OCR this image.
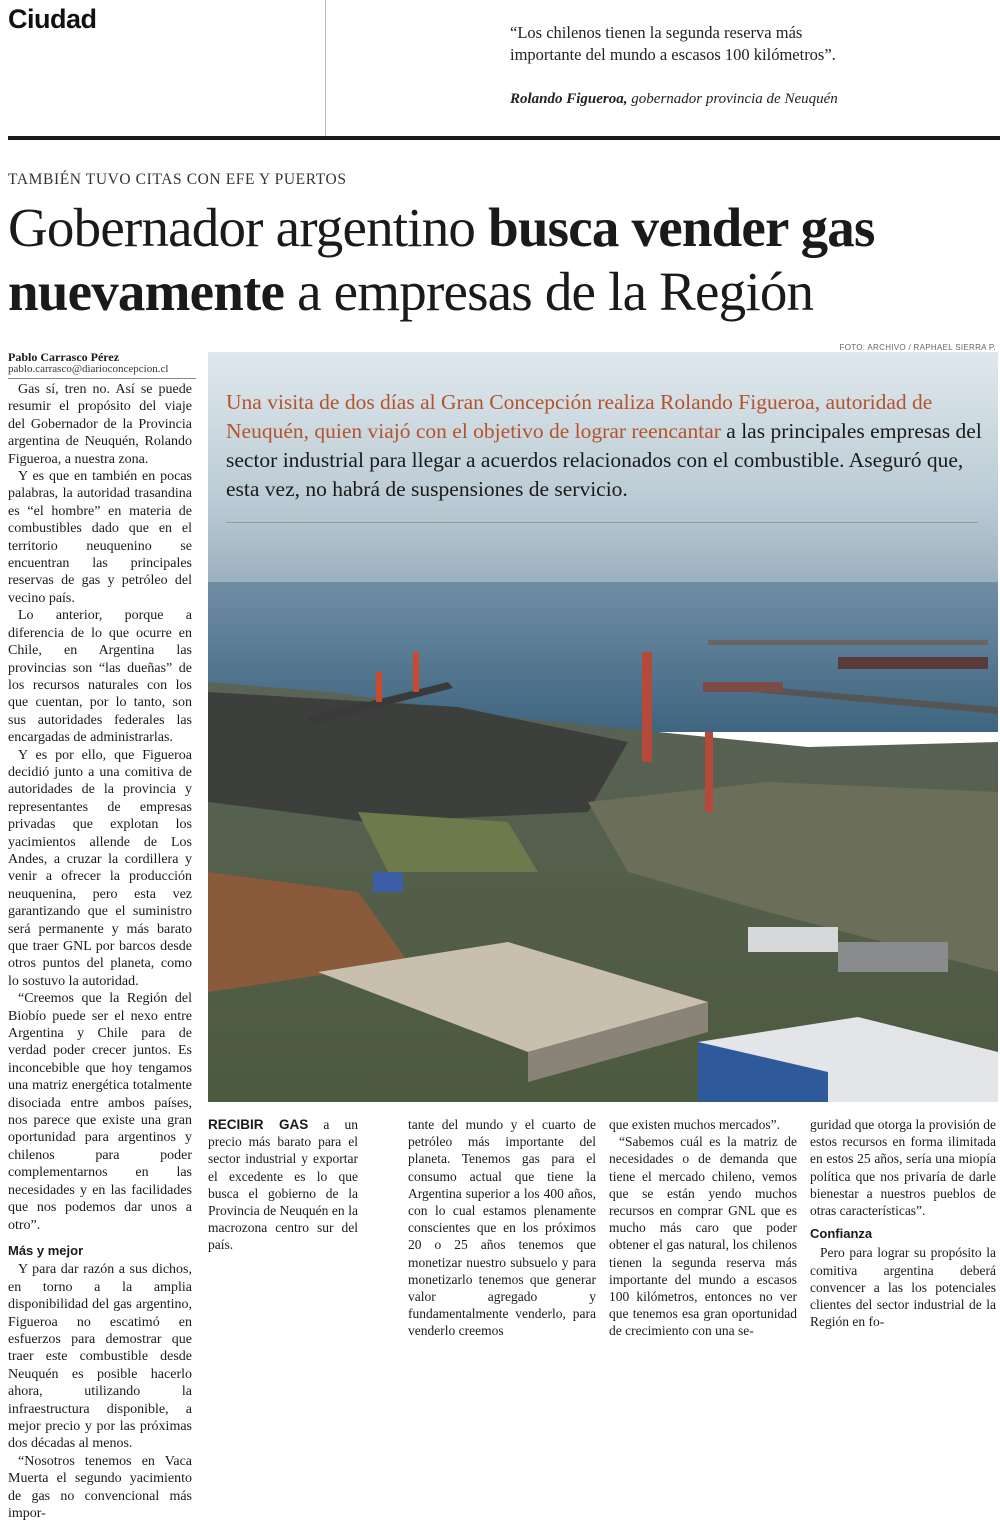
Ciudad	“Los chilenos tienen la segunda reserva más importante del mundo a escasos 100 kilómetros”.
Rolando Figueroa, gobernador provincia de Neuquén
TAMBIÉN TUVO CITAS CON EFE Y PUERTOS
Gobernador argentino busca vender gas nuevamente a empresas de la Región
Pablo Carrasco Pérez
pablo.carrasco@diarioconcepcion.cl

Gas sí, tren no. Así se puede resumir el propósito del viaje del Gobernador de la Provincia argentina de Neuquén, Rolando Figueroa, a nuestra zona.

Y es que en también en pocas palabras, la autoridad trasandina es “el hombre” en materia de combustibles dado que en el territorio neuquenino se encuentran las principales reservas de gas y petróleo del vecino país.

Lo anterior, porque a diferencia de lo que ocurre en Chile, en Argentina las provincias son “las dueñas” de los recursos naturales con los que cuentan, por lo tanto, son sus autoridades federales las encargadas de administrarlas.

Y es por ello, que Figueroa decidió junto a una comitiva de autoridades de la provincia y representantes de empresas privadas que explotan los yacimientos allende de Los Andes, a cruzar la cordillera y venir a ofrecer la producción neuquenina, pero esta vez garantizando que el suministro será permanente y más barato que traer GNL por barcos desde otros puntos del planeta, como lo sostuvo la autoridad.

“Creemos que la Región del Biobío puede ser el nexo entre Argentina y Chile para de verdad poder crecer juntos. Es inconcebible que hoy tengamos una matriz energética totalmente disociada entre ambos países, nos parece que existe una gran oportunidad para argentinos y chilenos para poder complementarnos en las necesidades y en las facilidades que nos podemos dar unos a otro”.

Más y mejor

Y para dar razón a sus dichos, en torno a la amplia disponibilidad del gas argentino, Figueroa no escatimó en esfuerzos para demostrar que traer este combustible desde Neuquén es posible hacerlo ahora, utilizando la infraestructura disponible, a mejor precio y por las próximas dos décadas al menos.

“Nosotros tenemos en Vaca Muerta el segundo yacimiento de gas no convencional más impor-

FOTO: ARCHIVO / RAPHAEL SIERRA P.
Una visita de dos días al Gran Concepción realiza Rolando Figueroa, autoridad de Neuquén, quien viajó con el objetivo de lograr reencantar a las principales empresas del sector industrial para llegar a acuerdos relacionados con el combustible. Aseguró que, esta vez, no habrá de suspensiones de servicio.

RECIBIR GAS a un precio más barato para el sector industrial y exportar el excedente es lo que busca el gobierno de la Provincia de Neuquén en la macrozona centro sur del país.

tante del mundo y el cuarto de petróleo más importante del planeta. Tenemos gas para el consumo actual que tiene la Argentina superior a los 400 años, con lo cual estamos plenamente conscientes que en los próximos 20 o 25 años tenemos que monetizar nuestro subsuelo y para monetizarlo tenemos que generar valor agregado y fundamentalmente venderlo, para venderlo creemos

que existen muchos mercados”.

“Sabemos cuál es la matriz de necesidades o de demanda que tiene el mercado chileno, vemos que se están yendo muchos recursos en comprar GNL que es mucho más caro que poder obtener el gas natural, los chilenos tienen la segunda reserva más importante del mundo a escasos 100 kilómetros, entonces no ver que tenemos esa gran oportunidad de crecimiento con una se-

guridad que otorga la provisión de estos recursos en forma ilimitada en estos 25 años, sería una miopía política que nos privaría de darle bienestar a nuestros pueblos de otras características”.

Confianza

Pero para lograr su propósito la comitiva argentina deberá convencer a las los potenciales clientes del sector industrial de la Región en fo-
